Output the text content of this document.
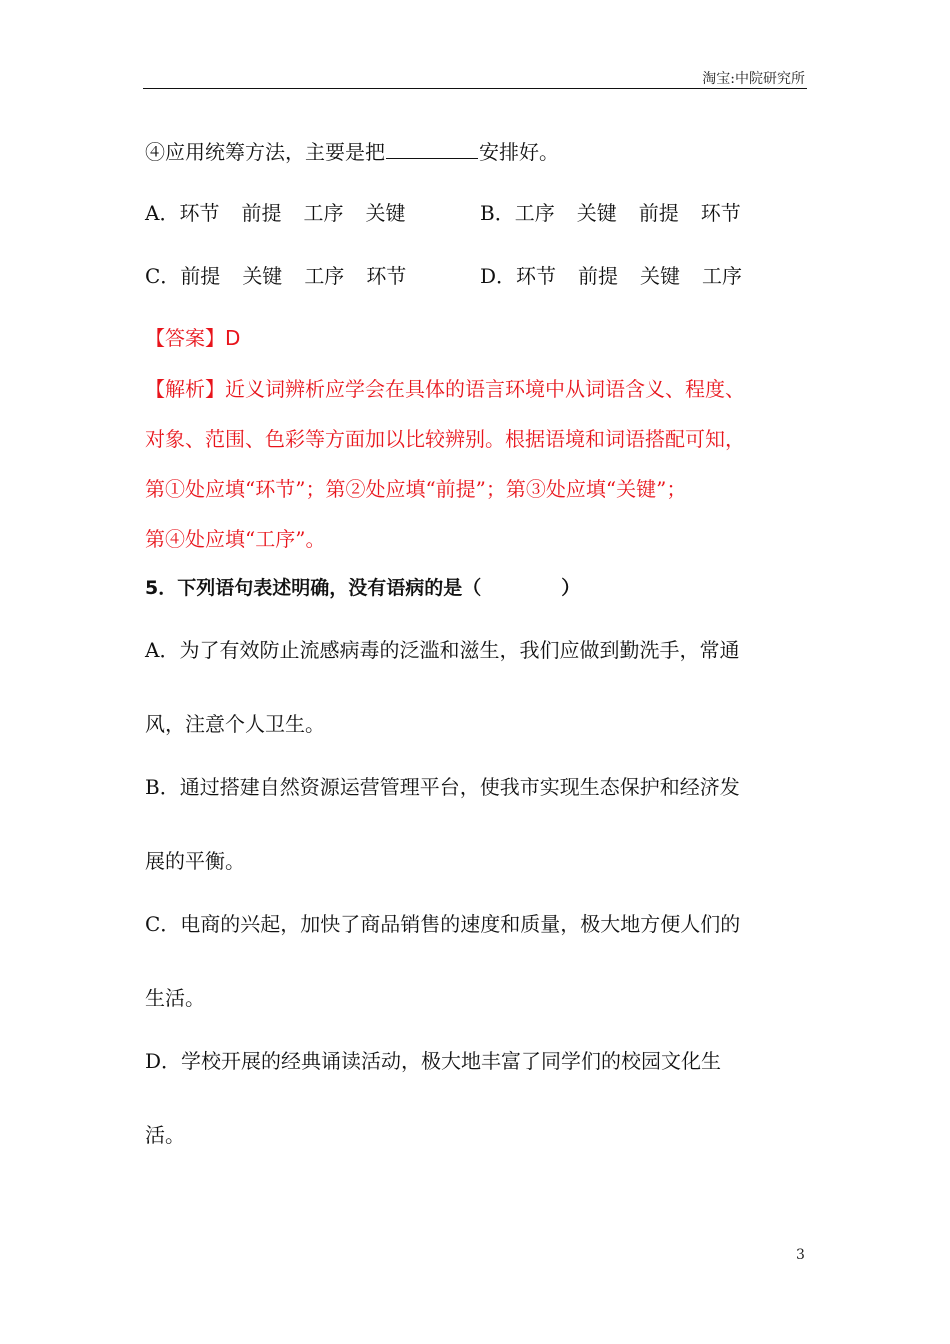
淘宝:中院研究所
④应用统筹方法，主要是把	安排好。
A．环节 前提 工序 关键	B．工序 关键 前提 环节
C．前提 关键 工序 环节	D．环节 前提 关键 工序
【答案】D
【解析】近义词辨析应学会在具体的语言环境中从词语含义、程度、
对象、范围、色彩等方面加以比较辨别。根据语境和词语搭配可知，
第①处应填“环节”；第②处应填“前提”；第③处应填“关键”；
第④处应填“工序”。
5．下列语句表述明确，没有语病的是（	）
A．为了有效防止流感病毒的泛滥和滋生，我们应做到勤洗手，常通
风，注意个人卫生。
B．通过搭建自然资源运营管理平台，使我市实现生态保护和经济发
展的平衡。
C．电商的兴起，加快了商品销售的速度和质量，极大地方便人们的
生活。
D．学校开展的经典诵读活动，极大地丰富了同学们的校园文化生
活。
3
